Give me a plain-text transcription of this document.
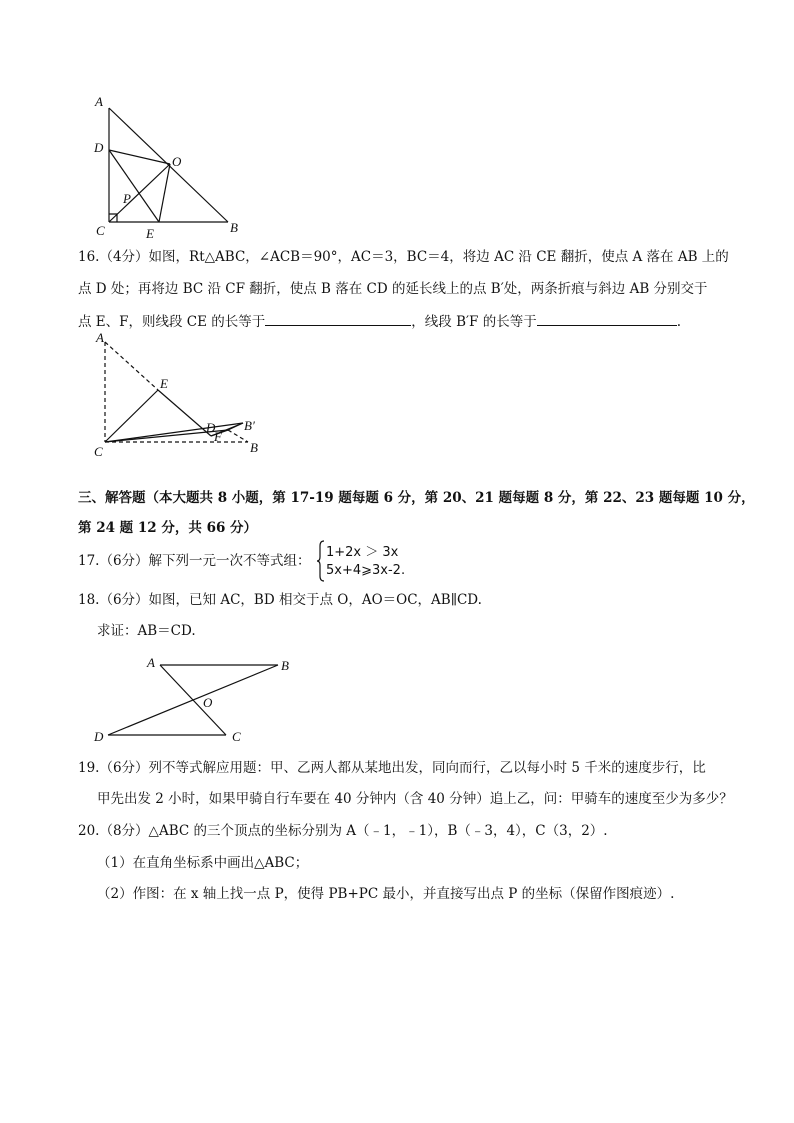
A
D
O
P
C	E	B
16.（4分）如图，Rt△ABC，∠ACB＝90°，AC＝3，BC＝4，将边 AC 沿 CE 翻折，使点 A 落在 AB 上的
点 D 处；再将边 BC 沿 CF 翻折，使点 B 落在 CD 的延长线上的点 B′处，两条折痕与斜边 AB 分别交于
点 E、F，则线段 CE 的长等于	，线段 B′F 的长等于	.
A
E
D B′
F
C	B
三、解答题（本大题共 8 小题，第 17-19 题每题 6 分，第 20、21 题每题 8 分，第 22、23 题每题 10 分，
第 24 题 12 分，共 66 分）
17.（6分）解下列一元一次不等式组：
1+2x ＞ 3x
5x+4⩾3x-2.
18.（6分）如图，已知 AC，BD 相交于点 O，AO＝OC，AB∥CD.
求证：AB＝CD.
A	B
O
D	C
19.（6分）列不等式解应用题：甲、乙两人都从某地出发，同向而行，乙以每小时 5 千米的速度步行，比
甲先出发 2 小时，如果甲骑自行车要在 40 分钟内（含 40 分钟）追上乙，问：甲骑车的速度至少为多少？
20.（8分）△ABC 的三个顶点的坐标分别为 A（﹣1，﹣1），B（﹣3，4），C（3，2）.
（1）在直角坐标系中画出△ABC；
（2）作图：在 x 轴上找一点 P，使得 PB+PC 最小，并直接写出点 P 的坐标（保留作图痕迹）.
